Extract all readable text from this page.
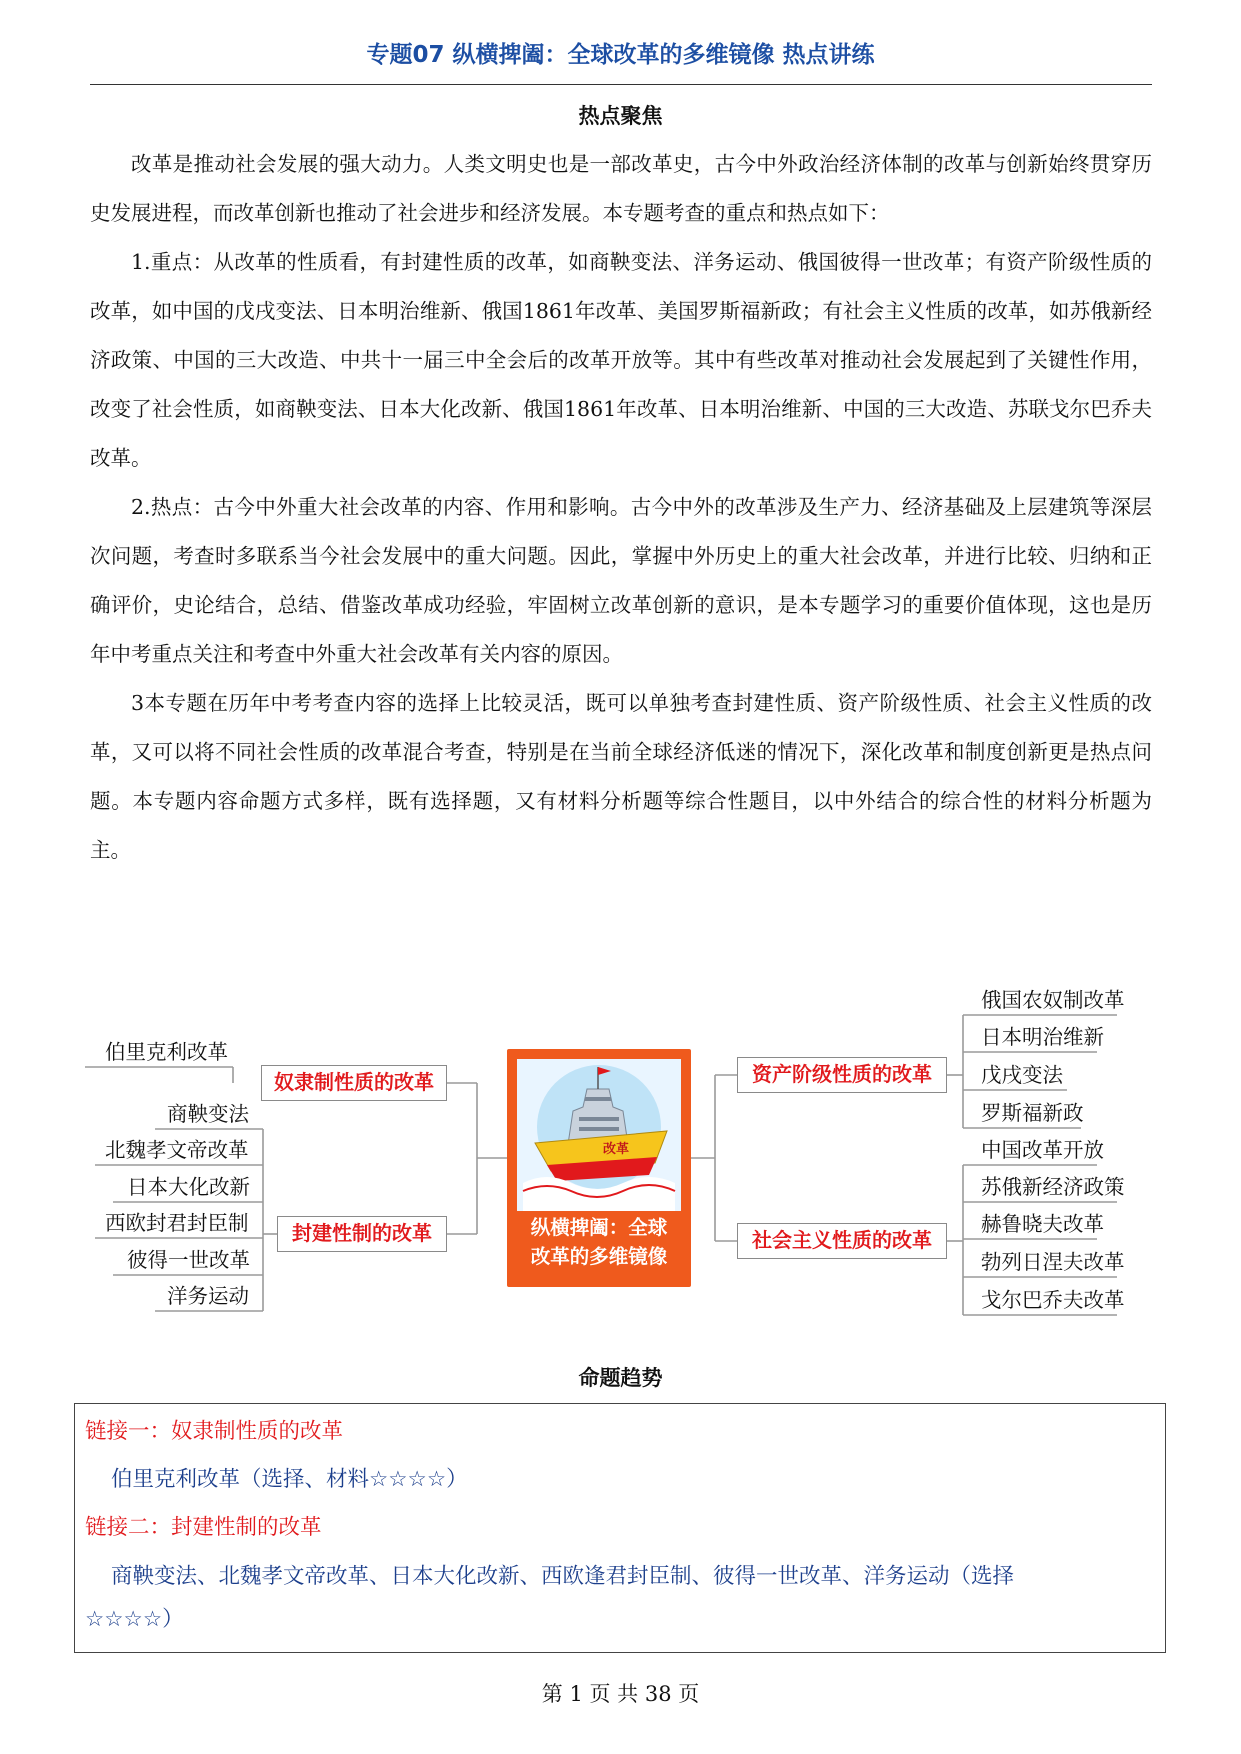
专题07 纵横捭阖：全球改革的多维镜像 热点讲练
热点聚焦

改革是推动社会发展的强大动力。人类文明史也是一部改革史，古今中外政治经济体制的改革与创新始终贯穿历史发展进程，而改革创新也推动了社会进步和经济发展。本专题考查的重点和热点如下：

1.重点：从改革的性质看，有封建性质的改革，如商鞅变法、洋务运动、俄国彼得一世改革；有资产阶级性质的改革，如中国的戊戌变法、日本明治维新、俄国1861年改革、美国罗斯福新政；有社会主义性质的改革，如苏俄新经济政策、中国的三大改造、中共十一届三中全会后的改革开放等。其中有些改革对推动社会发展起到了关键性作用，改变了社会性质，如商鞅变法、日本大化改新、俄国1861年改革、日本明治维新、中国的三大改造、苏联戈尔巴乔夫改革。

2.热点：古今中外重大社会改革的内容、作用和影响。古今中外的改革涉及生产力、经济基础及上层建筑等深层次问题，考查时多联系当今社会发展中的重大问题。因此，掌握中外历史上的重大社会改革，并进行比较、归纳和正确评价，史论结合，总结、借鉴改革成功经验，牢固树立改革创新的意识，是本专题学习的重要价值体现，这也是历年中考重点关注和考查中外重大社会改革有关内容的原因。

3本专题在历年中考考查内容的选择上比较灵活，既可以单独考查封建性质、资产阶级性质、社会主义性质的改革，又可以将不同社会性质的改革混合考查，特别是在当前全球经济低迷的情况下，深化改革和制度创新更是热点问题。本专题内容命题方式多样，既有选择题，又有材料分析题等综合性题目，以中外结合的综合性的材料分析题为主。

伯里克利改革
奴隶制性质的改革
商鞅变法
北魏孝文帝改革
日本大化改新
西欧封君封臣制
彼得一世改革
洋务运动
封建性制的改革
改革
纵横捭阖：全球
改革的多维镜像
资产阶级性质的改革
俄国农奴制改革
日本明治维新
戊戌变法
罗斯福新政
社会主义性质的改革
中国改革开放
苏俄新经济政策
赫鲁晓夫改革
勃列日涅夫改革
戈尔巴乔夫改革
命题趋势
链接一：奴隶制性质的改革
伯里克利改革（选择、材料☆☆☆☆）
链接二：封建性制的改革
商鞅变法、北魏孝文帝改革、日本大化改新、西欧逢君封臣制、彼得一世改革、洋务运动（选择
☆☆☆☆）
第 1 页 共 38 页
